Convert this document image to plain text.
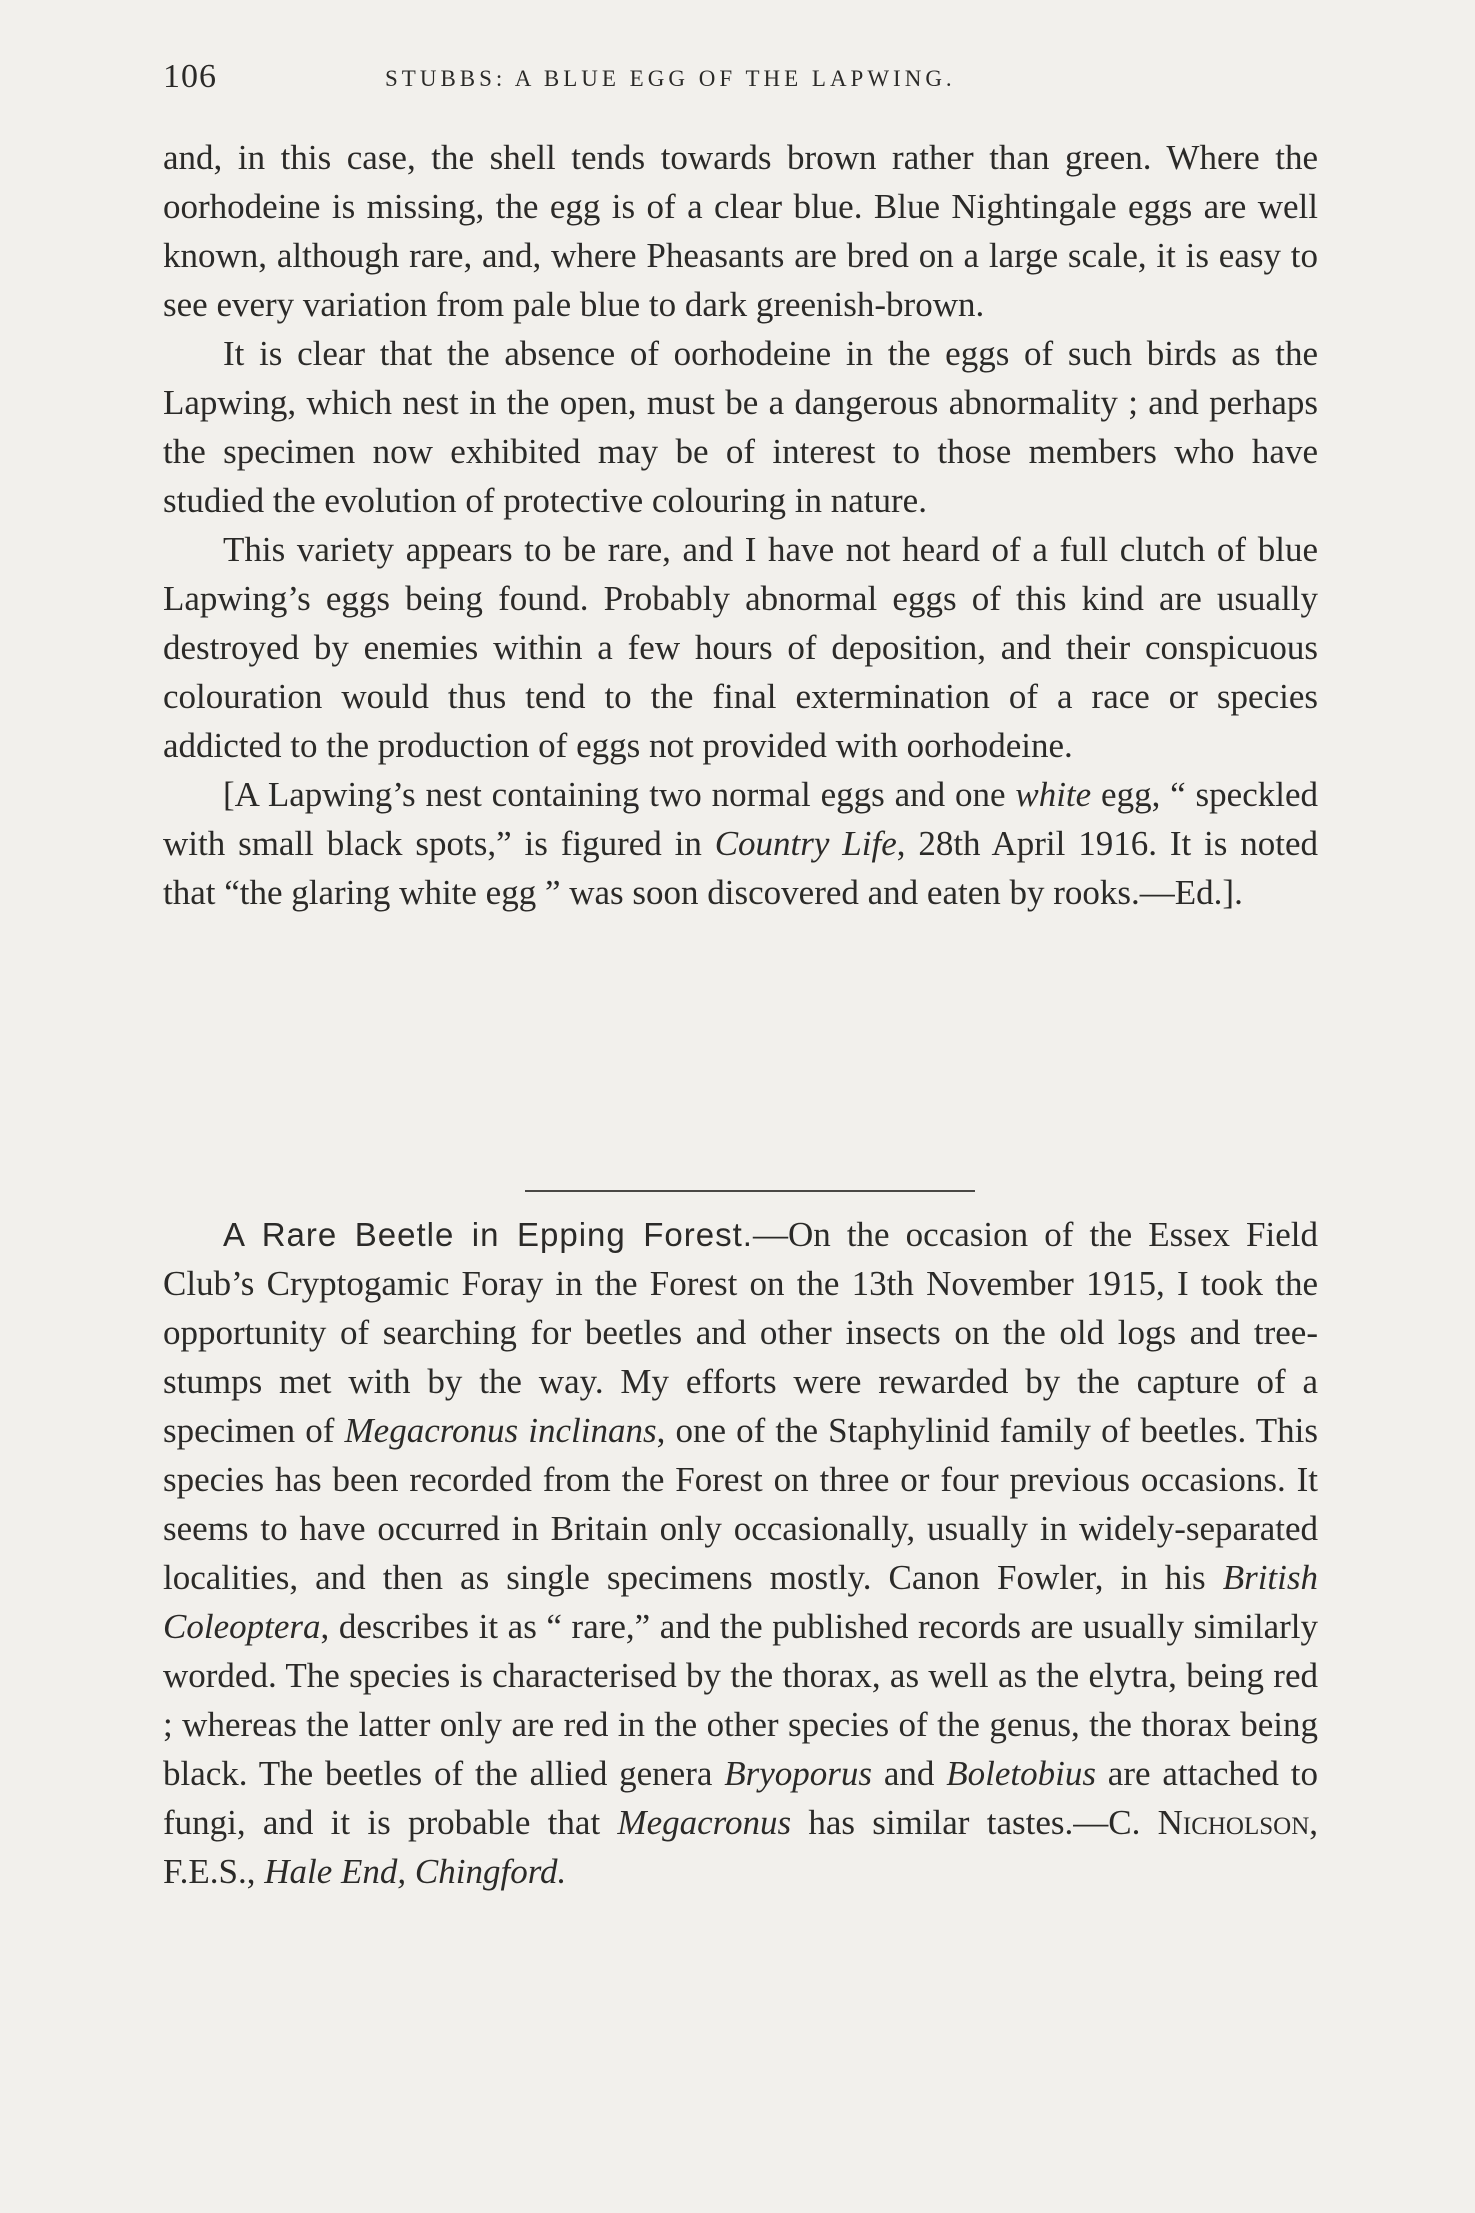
106	STUBBS: A BLUE EGG OF THE LAPWING.

and, in this case, the shell tends towards brown rather than green. Where the oorhodeine is missing, the egg is of a clear blue. Blue Nightingale eggs are well known, although rare, and, where Pheasants are bred on a large scale, it is easy to see every variation from pale blue to dark greenish-brown.

It is clear that the absence of oorhodeine in the eggs of such birds as the Lapwing, which nest in the open, must be a dangerous abnormality ; and perhaps the specimen now exhibited may be of interest to those members who have studied the evolution of protective colouring in nature.

This variety appears to be rare, and I have not heard of a full clutch of blue Lapwing’s eggs being found. Probably abnormal eggs of this kind are usually destroyed by enemies within a few hours of deposition, and their conspicuous colouration would thus tend to the final extermination of a race or species addicted to the production of eggs not provided with oorhodeine.

[A Lapwing’s nest containing two normal eggs and one white egg, “ speckled with small black spots,” is figured in Country Life, 28th April 1916. It is noted that “the glaring white egg ” was soon discovered and eaten by rooks.—Ed.].

A Rare Beetle in Epping Forest.—On the occasion of the Essex Field Club’s Cryptogamic Foray in the Forest on the 13th November 1915, I took the opportunity of searching for beetles and other insects on the old logs and tree-stumps met with by the way. My efforts were rewarded by the capture of a specimen of Megacronus inclinans, one of the Staphylinid family of beetles. This species has been recorded from the Forest on three or four previous occasions. It seems to have occurred in Britain only occasionally, usually in widely-separated localities, and then as single specimens mostly. Canon Fowler, in his British Coleoptera, describes it as “ rare,” and the published records are usually similarly worded. The species is characterised by the thorax, as well as the elytra, being red ; whereas the latter only are red in the other species of the genus, the thorax being black. The beetles of the allied genera Bryoporus and Boletobius are attached to fungi, and it is probable that Megacronus has similar tastes.—C. Nicholson, F.E.S., Hale End, Chingford.
